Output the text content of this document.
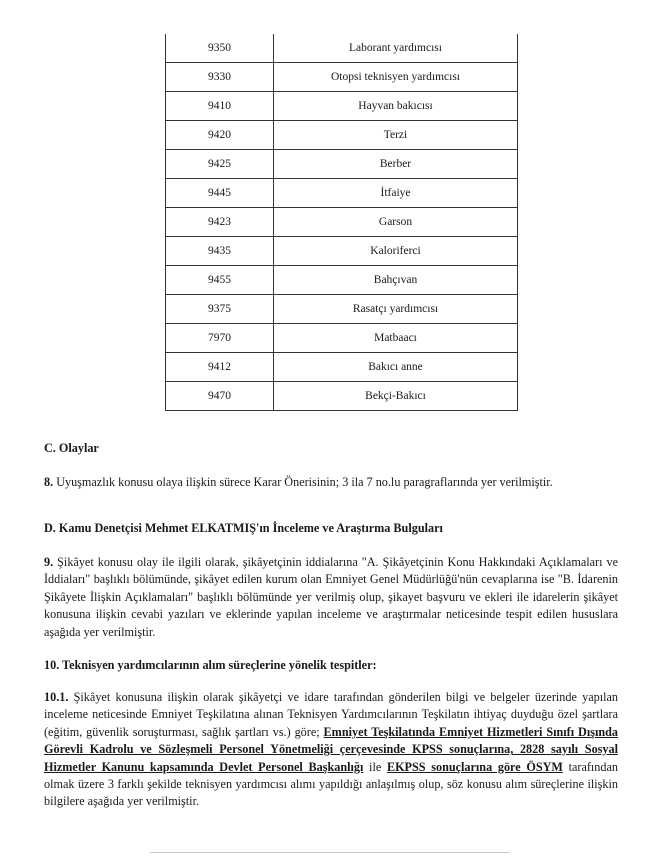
9350	Laborant yardımcısı
9330	Otopsi teknisyen yardımcısı
9410	Hayvan bakıcısı
9420	Terzi
9425	Berber
9445	İtfaiye
9423	Garson
9435	Kaloriferci
9455	Bahçıvan
9375	Rasatçı yardımcısı
7970	Matbaacı
9412	Bakıcı anne
9470	Bekçi-Bakıcı
C. Olaylar
8. Uyuşmazlık konusu olaya ilişkin sürece Karar Önerisinin; 3 ila 7 no.lu paragraflarında yer verilmiştir.
D. Kamu Denetçisi Mehmet ELKATMIŞ'ın İnceleme ve Araştırma Bulguları
9. Şikâyet konusu olay ile ilgili olarak, şikâyetçinin iddialarına "A. Şikâyetçinin Konu Hakkındaki Açıklamaları ve İddiaları" başlıklı bölümünde, şikâyet edilen kurum olan Emniyet Genel Müdürlüğü'nün cevaplarına ise "B. İdarenin Şikâyete İlişkin Açıklamaları" başlıklı bölümünde yer verilmiş olup, şikayet başvuru ve ekleri ile idarelerin şikâyet konusuna ilişkin cevabi yazıları ve eklerinde yapılan inceleme ve araştırmalar neticesinde tespit edilen hususlara aşağıda yer verilmiştir.
10. Teknisyen yardımcılarının alım süreçlerine yönelik tespitler:
10.1. Şikâyet konusuna ilişkin olarak şikâyetçi ve idare tarafından gönderilen bilgi ve belgeler üzerinde yapılan inceleme neticesinde Emniyet Teşkilatına alınan Teknisyen Yardımcılarının Teşkilatın ihtiyaç duyduğu özel şartlara (eğitim, güvenlik soruşturması, sağlık şartları vs.) göre; Emniyet Teşkilatında Emniyet Hizmetleri Sınıfı Dışında Görevli Kadrolu ve Sözleşmeli Personel Yönetmeliği çerçevesinde KPSS sonuçlarına, 2828 sayılı Sosyal Hizmetler Kanunu kapsamında Devlet Personel Başkanlığı ile EKPSS sonuçlarına göre ÖSYM tarafından olmak üzere 3 farklı şekilde teknisyen yardımcısı alımı yapıldığı anlaşılmış olup, söz konusu alım süreçlerine ilişkin bilgilere aşağıda yer verilmiştir.
